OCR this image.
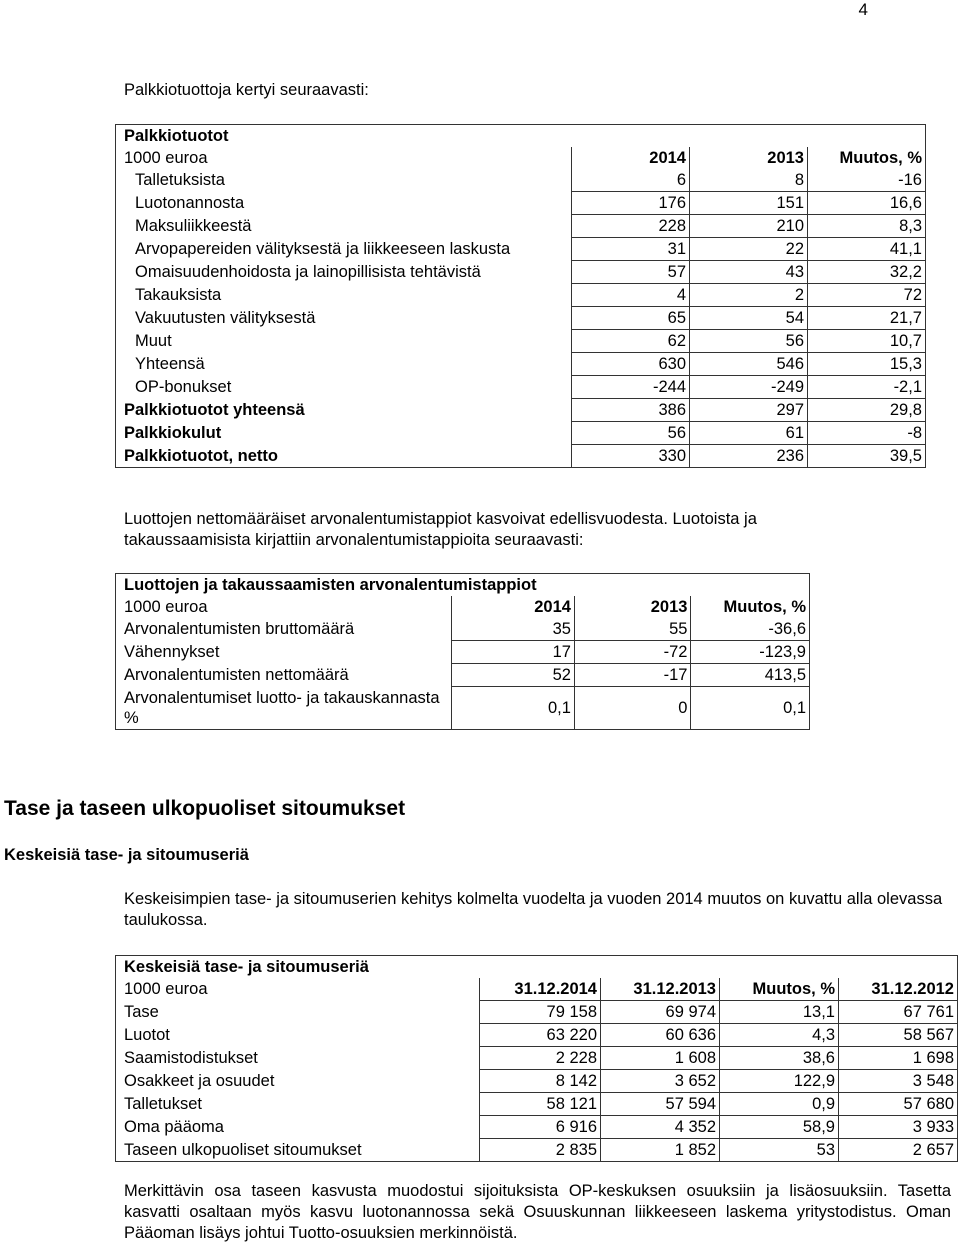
4
Palkkiotuottoja kertyi seuraavasti:
Palkkiotuotot			
1000 euroa	2014	2013	Muutos, %
Talletuksista	6	8	-16
Luotonannosta	176	151	16,6
Maksuliikkeestä	228	210	8,3
Arvopapereiden välityksestä ja liikkeeseen laskusta	31	22	41,1
Omaisuudenhoidosta ja lainopillisista tehtävistä	57	43	32,2
Takauksista	4	2	72
Vakuutusten välityksestä	65	54	21,7
Muut	62	56	10,7
Yhteensä	630	546	15,3
OP-bonukset	-244	-249	-2,1
Palkkiotuotot yhteensä	386	297	29,8
Palkkiokulut	56	61	-8
Palkkiotuotot, netto	330	236	39,5
Luottojen nettomääräiset arvonalentumistappiot kasvoivat edellisvuodesta. Luotoista ja takaussaamisista kirjattiin arvonalentumistappioita seuraavasti:
Luottojen ja takaussaamisten arvonalentumistappiot			
1000 euroa	2014	2013	Muutos, %
Arvonalentumisten bruttomäärä	35	55	-36,6
Vähennykset	17	-72	-123,9
Arvonalentumisten nettomäärä	52	-17	413,5
Arvonalentumiset luotto- ja takauskannasta %	0,1	0	0,1
Tase ja taseen ulkopuoliset sitoumukset
Keskeisiä tase- ja sitoumuseriä
Keskeisimpien tase- ja sitoumuserien kehitys kolmelta vuodelta ja vuoden 2014 muutos on kuvattu alla olevassa taulukossa.
Keskeisiä tase- ja sitoumuseriä				
1000 euroa	31.12.2014	31.12.2013	Muutos, %	31.12.2012
Tase	79 158	69 974	13,1	67 761
Luotot	63 220	60 636	4,3	58 567
Saamistodistukset	2 228	1 608	38,6	1 698
Osakkeet ja osuudet	8 142	3 652	122,9	3 548
Talletukset	58 121	57 594	0,9	57 680
Oma pääoma	6 916	4 352	58,9	3 933
Taseen ulkopuoliset sitoumukset	2 835	1 852	53	2 657
Merkittävin osa taseen kasvusta muodostui sijoituksista OP-keskuksen osuuksiin ja lisäosuuksiin. Tasetta kasvatti osaltaan myös kasvu luotonannossa sekä Osuuskunnan liikkeeseen laskema yritystodistus. Oman Pääoman lisäys johtui Tuotto-osuuksien merkinnöistä.
